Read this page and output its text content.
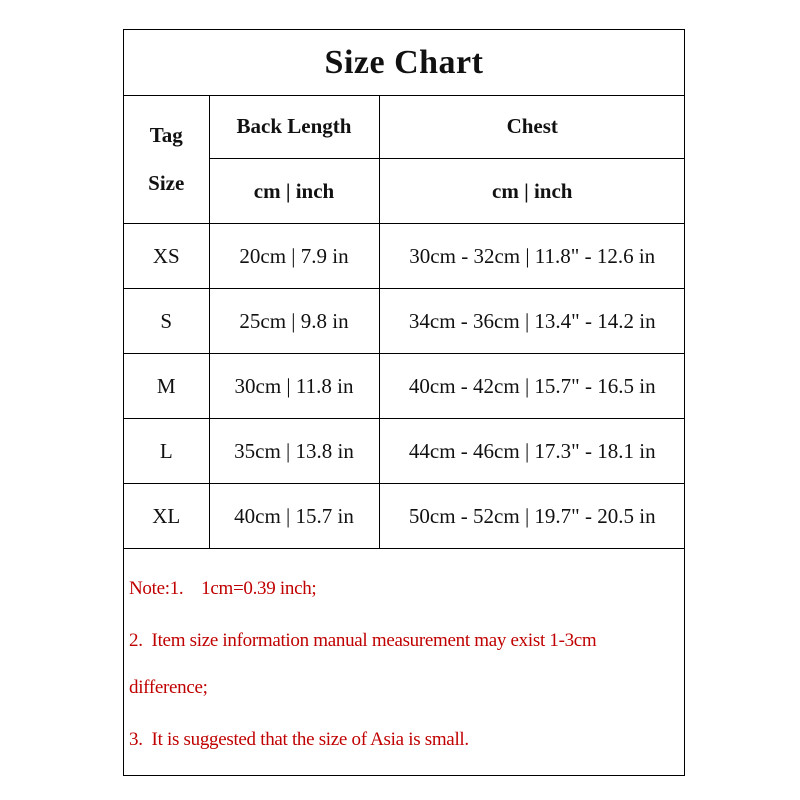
Size Chart
Tag
Size	Back Length	Chest
	cm | inch	cm | inch
XS	20cm | 7.9 in	30cm - 32cm | 11.8" - 12.6 in
S	25cm | 9.8 in	34cm - 36cm | 13.4" - 14.2 in
M	30cm | 11.8 in	40cm - 42cm | 15.7" - 16.5 in
L	35cm | 13.8 in	44cm - 46cm | 17.3" - 18.1 in
XL	40cm | 15.7 in	50cm - 52cm | 19.7" - 20.5 in
Note:1.    1cm=0.39 inch;
2.  Item size information manual measurement may exist 1-3cm
difference;
3.  It is suggested that the size of Asia is small.
